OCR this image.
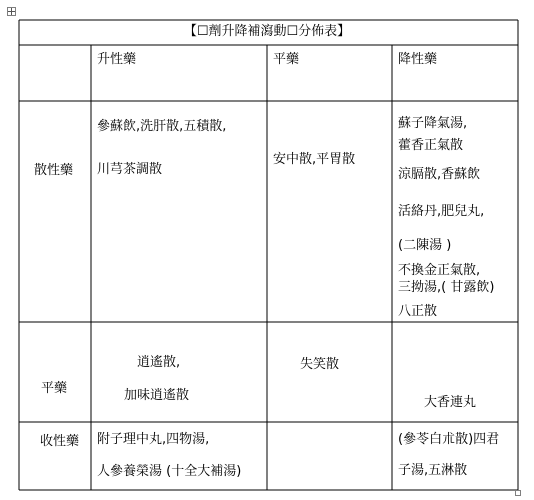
【☐劑升降補瀉動☐分佈表】
升性藥	平藥	降性藥
散性藥
參蘇飲,洗肝散,五積散,
川芎茶調散
安中散,平胃散
蘇子降氣湯,
藿香正氣散
涼膈散,香蘇飲
活絡丹,肥兒丸,
(二陳湯 )
不換金正氣散,
三拗湯,( 甘露飲)
八正散
平藥
逍遙散,
加味逍遙散
失笑散
大香連丸
收性藥 附子理中丸,四物湯,
人參養榮湯 (十全大補湯)
(參苓白朮散)四君
子湯,五淋散
